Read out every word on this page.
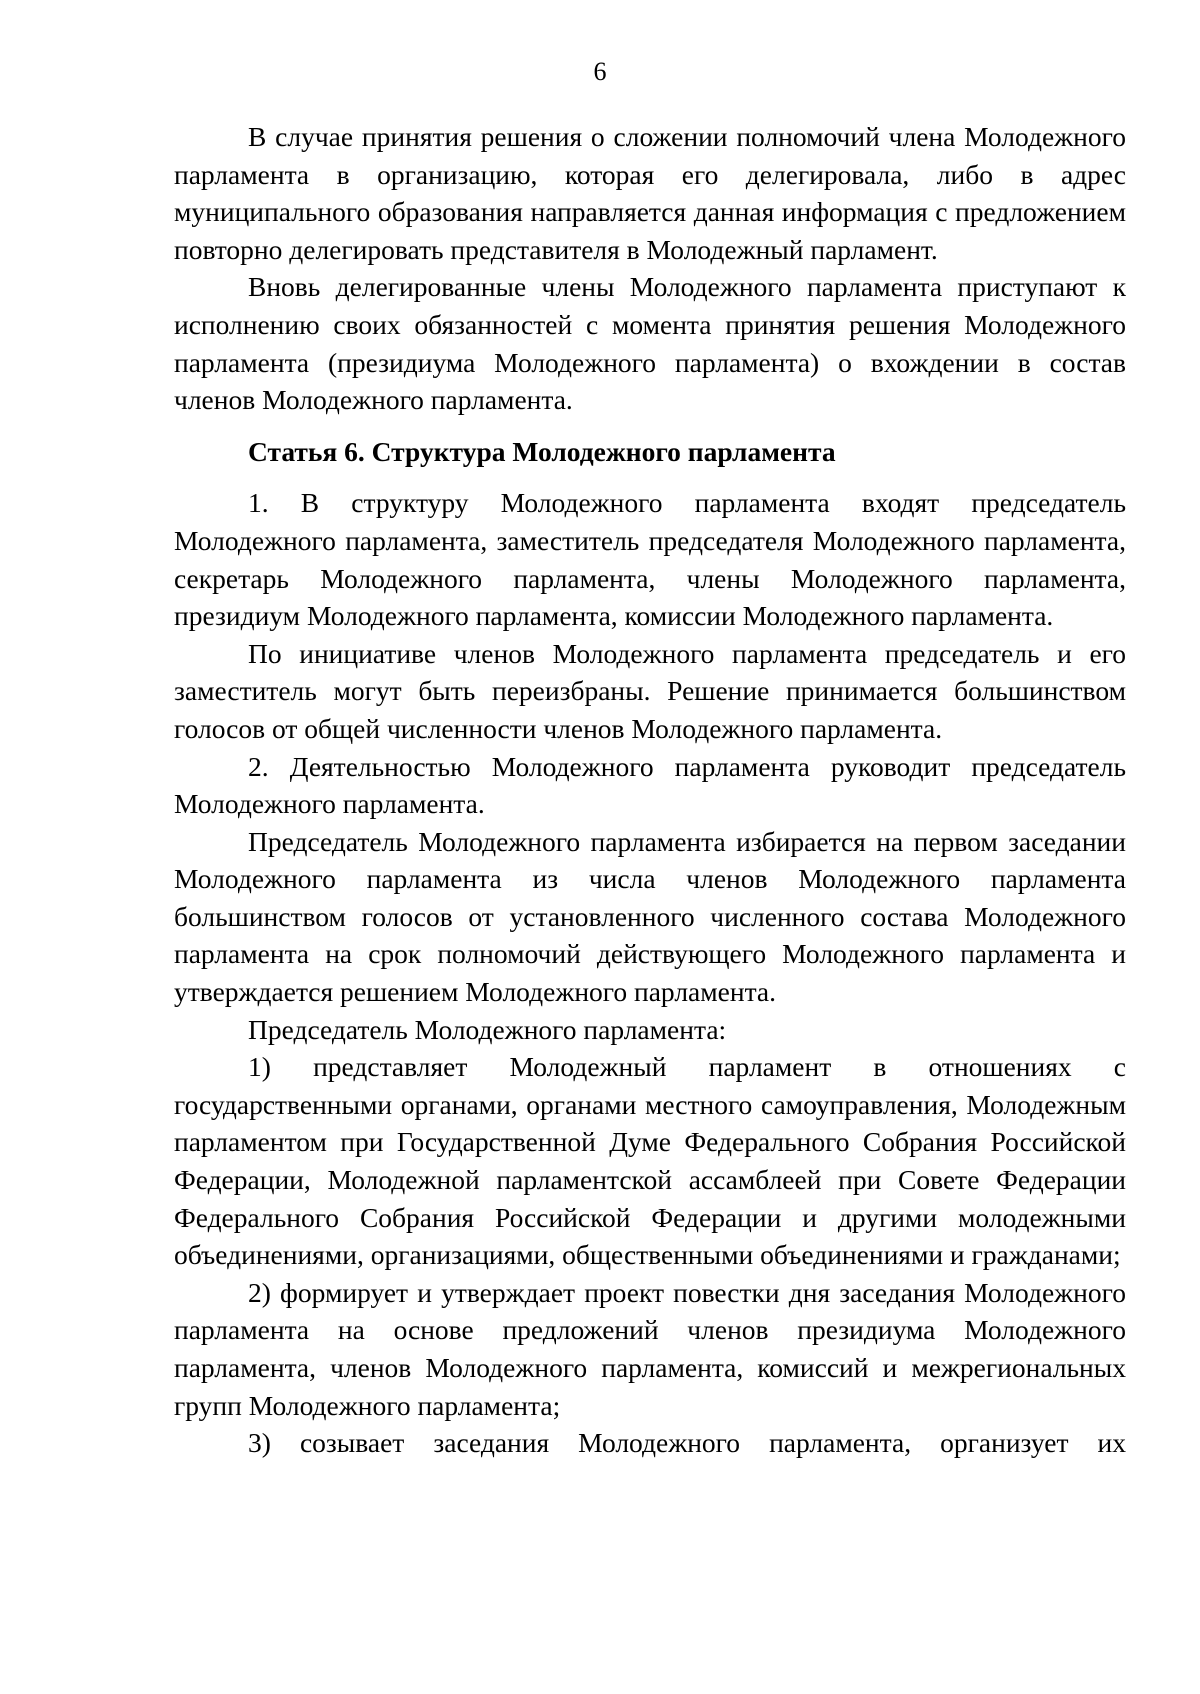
6

В случае принятия решения о сложении полномочий члена Молодежного парламента в организацию, которая его делегировала, либо в адрес муниципального образования направляется данная информация с предложением повторно делегировать представителя в Молодежный парламент.

Вновь делегированные члены Молодежного парламента приступают к исполнению своих обязанностей с момента принятия решения Молодежного парламента (президиума Молодежного парламента) о вхождении в состав членов Молодежного парламента.

Статья 6. Структура Молодежного парламента

1. В структуру Молодежного парламента входят председатель Молодежного парламента, заместитель председателя Молодежного парламента, секретарь Молодежного парламента, члены Молодежного парламента, президиум Молодежного парламента, комиссии Молодежного парламента.

По инициативе членов Молодежного парламента председатель и его заместитель могут быть переизбраны. Решение принимается большинством голосов от общей численности членов Молодежного парламента.

2. Деятельностью Молодежного парламента руководит председатель Молодежного парламента.

Председатель Молодежного парламента избирается на первом заседании Молодежного парламента из числа членов Молодежного парламента большинством голосов от установленного численного состава Молодежного парламента на срок полномочий действующего Молодежного парламента и утверждается решением Молодежного парламента.

Председатель Молодежного парламента:

1) представляет Молодежный парламент в отношениях с государственными органами, органами местного самоуправления, Молодежным парламентом при Государственной Думе Федерального Собрания Российской Федерации, Молодежной парламентской ассамблеей при Совете Федерации Федерального Собрания Российской Федерации и другими молодежными объединениями, организациями, общественными объединениями и гражданами;

2) формирует и утверждает проект повестки дня заседания Молодежного парламента на основе предложений членов президиума Молодежного парламента, членов Молодежного парламента, комиссий и межрегиональных групп Молодежного парламента;

3) созывает заседания Молодежного парламента, организует их
